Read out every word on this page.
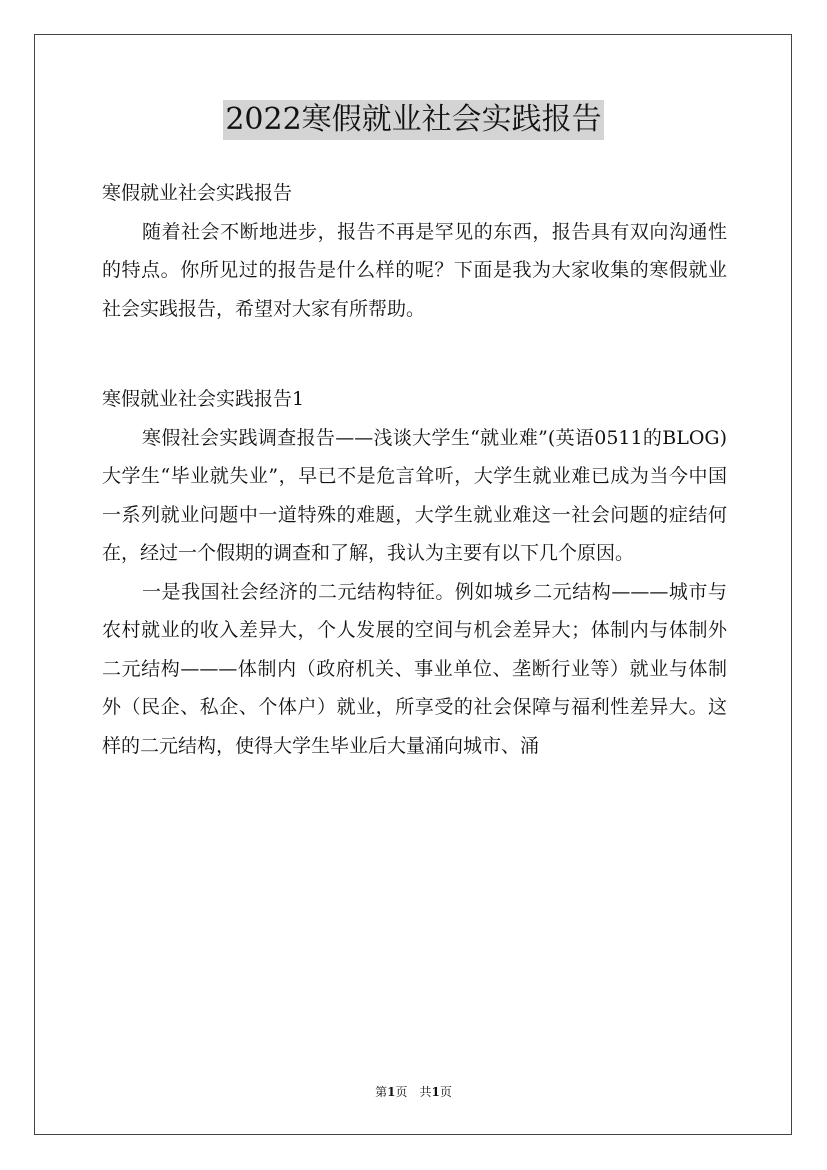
2022寒假就业社会实践报告

寒假就业社会实践报告

随着社会不断地进步，报告不再是罕见的东西，报告具有双向沟通性的特点。你所见过的报告是什么样的呢？下面是我为大家收集的寒假就业社会实践报告，希望对大家有所帮助。

寒假就业社会实践报告1

寒假社会实践调查报告——浅谈大学生“就业难”(英语0511的BLOG) 大学生“毕业就失业”，早已不是危言耸听，大学生就业难已成为当今中国一系列就业问题中一道特殊的难题，大学生就业难这一社会问题的症结何在，经过一个假期的调查和了解，我认为主要有以下几个原因。

一是我国社会经济的二元结构特征。例如城乡二元结构———城市与农村就业的收入差异大，个人发展的空间与机会差异大；体制内与体制外二元结构———体制内（政府机关、事业单位、垄断行业等）就业与体制外（民企、私企、个体户）就业，所享受的社会保障与福利性差异大。这样的二元结构，使得大学生毕业后大量涌向城市、涌

第1页　共1页
